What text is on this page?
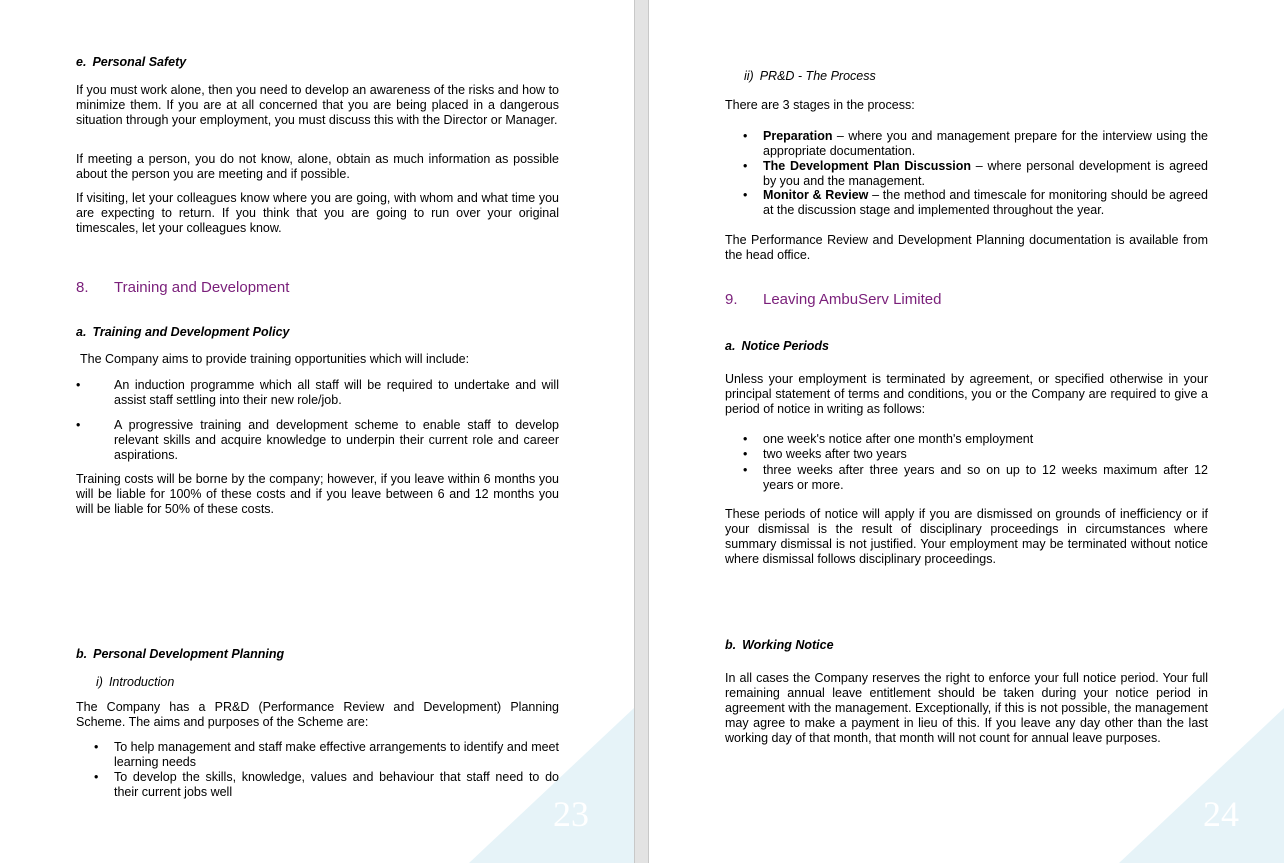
23
e. Personal Safety

If you must work alone, then you need to develop an awareness of the risks and how to minimize them. If you are at all concerned that you are being placed in a dangerous situation through your employment, you must discuss this with the Director or Manager.

If meeting a person, you do not know, alone, obtain as much information as possible about the person you are meeting and if possible.

If visiting, let your colleagues know where you are going, with whom and what time you are expecting to return. If you think that you are going to run over your original timescales, let your colleagues know.

8. Training and Development
a. Training and Development Policy

The Company aims to provide training opportunities which will include:

•	An induction programme which all staff will be required to undertake and will assist staff settling into their new role/job.
•	A progressive training and development scheme to enable staff to develop relevant skills and acquire knowledge to underpin their current role and career aspirations.

Training costs will be borne by the company; however, if you leave within 6 months you will be liable for 100% of these costs and if you leave between 6 and 12 months you will be liable for 50% of these costs.

b. Personal Development Planning
i) Introduction

The Company has a PR&D (Performance Review and Development) Planning Scheme. The aims and purposes of the Scheme are:

• To help management and staff make effective arrangements to identify and meet learning needs
• To develop the skills, knowledge, values and behaviour that staff need to do their current jobs well
24
ii) PR&D - The Process

There are 3 stages in the process:

• Preparation – where you and management prepare for the interview using the appropriate documentation.
• The Development Plan Discussion – where personal development is agreed by you and the management.
• Monitor & Review – the method and timescale for monitoring should be agreed at the discussion stage and implemented throughout the year.

The Performance Review and Development Planning documentation is available from the head office.

9. Leaving AmbuServ Limited
a. Notice Periods

Unless your employment is terminated by agreement, or specified otherwise in your principal statement of terms and conditions, you or the Company are required to give a period of notice in writing as follows:

• one week's notice after one month's employment
• two weeks after two years
• three weeks after three years and so on up to 12 weeks maximum after 12 years or more.

These periods of notice will apply if you are dismissed on grounds of inefficiency or if your dismissal is the result of disciplinary proceedings in circumstances where summary dismissal is not justified. Your employment may be terminated without notice where dismissal follows disciplinary proceedings.

b. Working Notice

In all cases the Company reserves the right to enforce your full notice period. Your full remaining annual leave entitlement should be taken during your notice period in agreement with the management. Exceptionally, if this is not possible, the management may agree to make a payment in lieu of this. If you leave any day other than the last working day of that month, that month will not count for annual leave purposes.
